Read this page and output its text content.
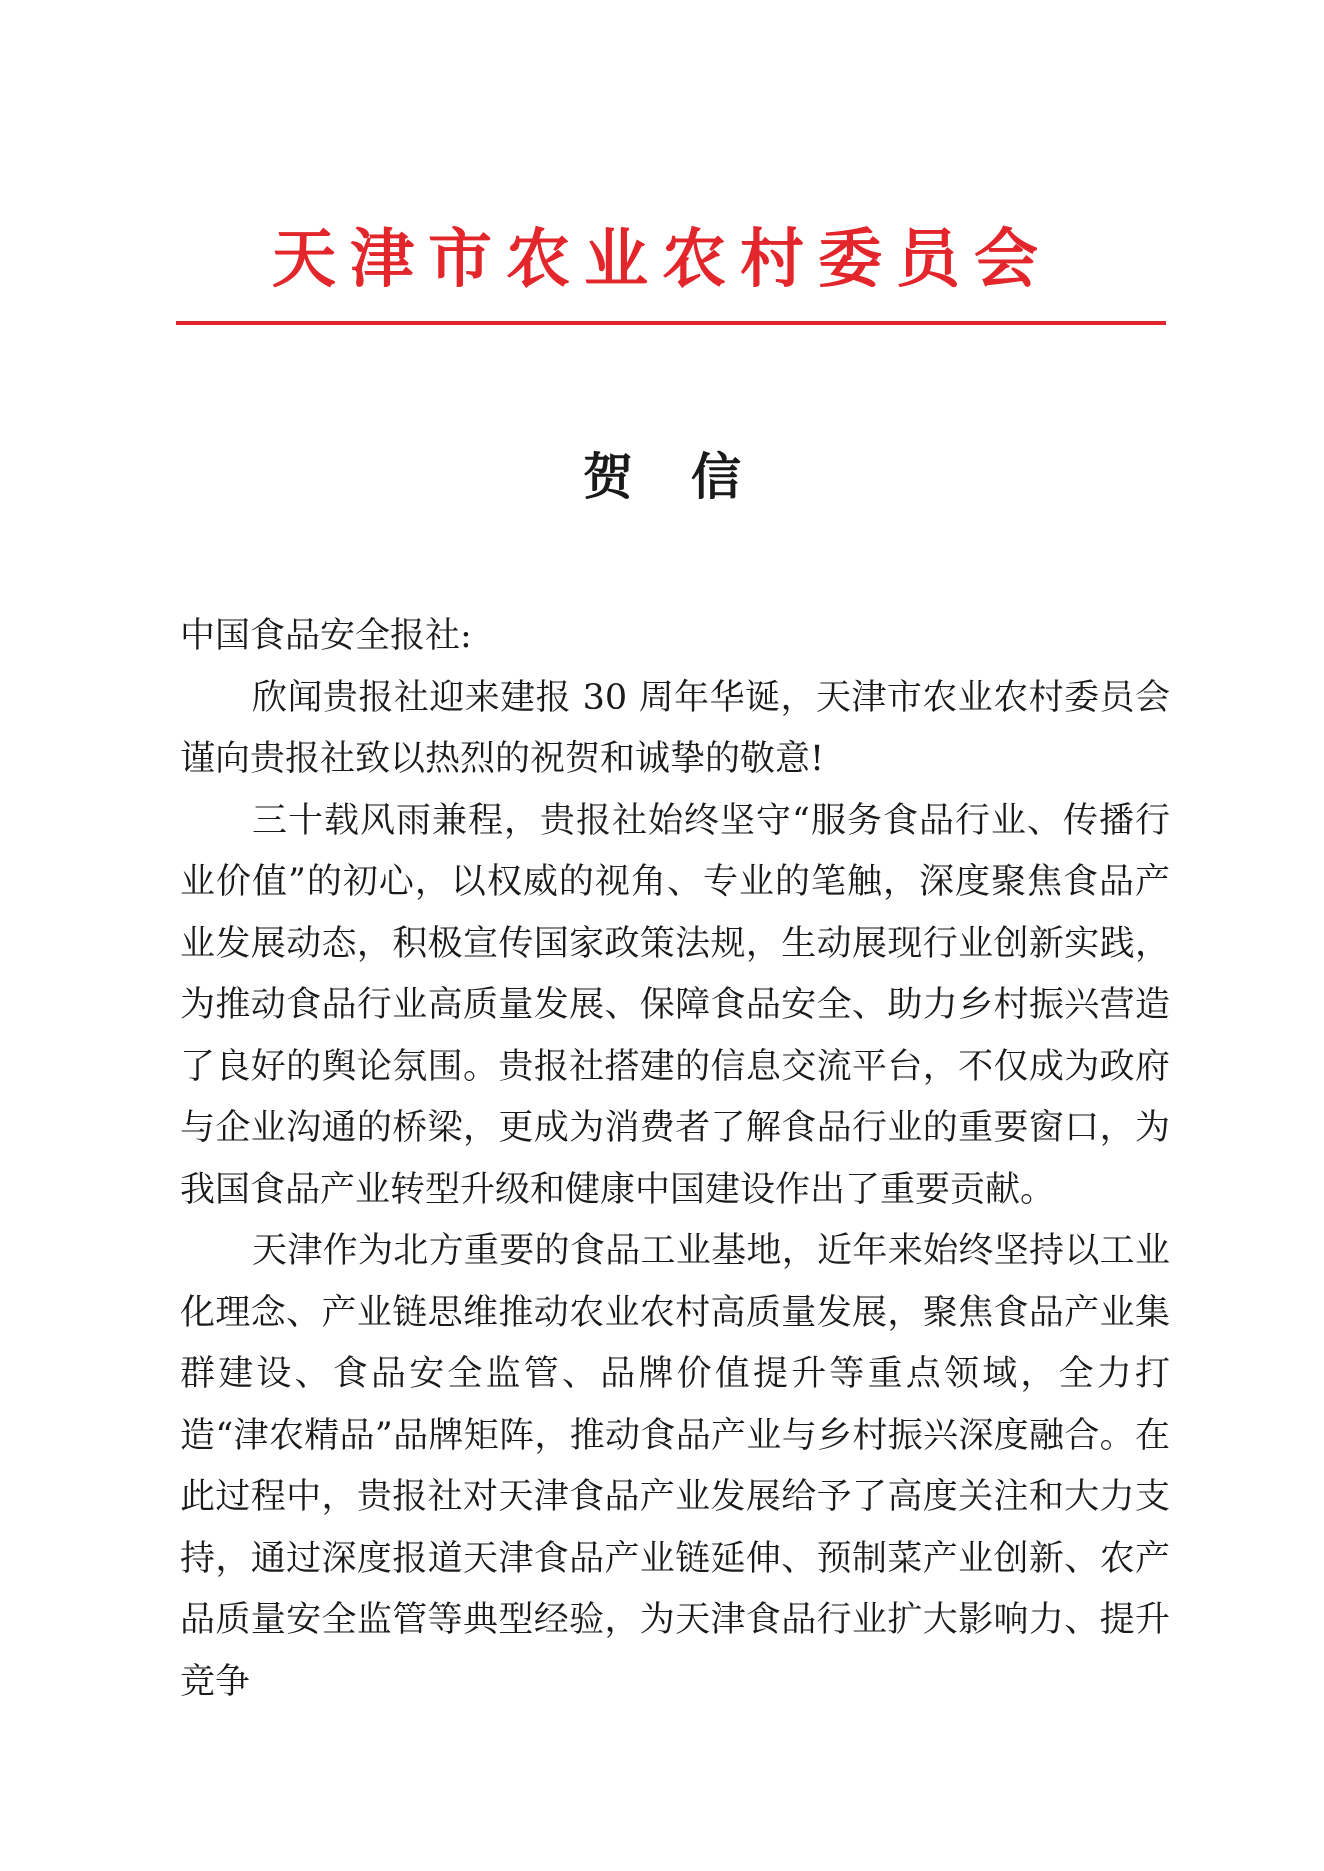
天津市农业农村委员会
贺 信

中国食品安全报社:

欣闻贵报社迎来建报 30 周年华诞，天津市农业农村委员会谨向贵报社致以热烈的祝贺和诚挚的敬意!

三十载风雨兼程，贵报社始终坚守“服务食品行业、传播行业价值”的初心，以权威的视角、专业的笔触，深度聚焦食品产业发展动态，积极宣传国家政策法规，生动展现行业创新实践，为推动食品行业高质量发展、保障食品安全、助力乡村振兴营造了良好的舆论氛围。贵报社搭建的信息交流平台，不仅成为政府与企业沟通的桥梁，更成为消费者了解食品行业的重要窗口，为我国食品产业转型升级和健康中国建设作出了重要贡献。

天津作为北方重要的食品工业基地，近年来始终坚持以工业化理念、产业链思维推动农业农村高质量发展，聚焦食品产业集群建设、食品安全监管、品牌价值提升等重点领域，全力打造“津农精品”品牌矩阵，推动食品产业与乡村振兴深度融合。在此过程中，贵报社对天津食品产业发展给予了高度关注和大力支持，通过深度报道天津食品产业链延伸、预制菜产业创新、农产品质量安全监管等典型经验，为天津食品行业扩大影响力、提升竞争
